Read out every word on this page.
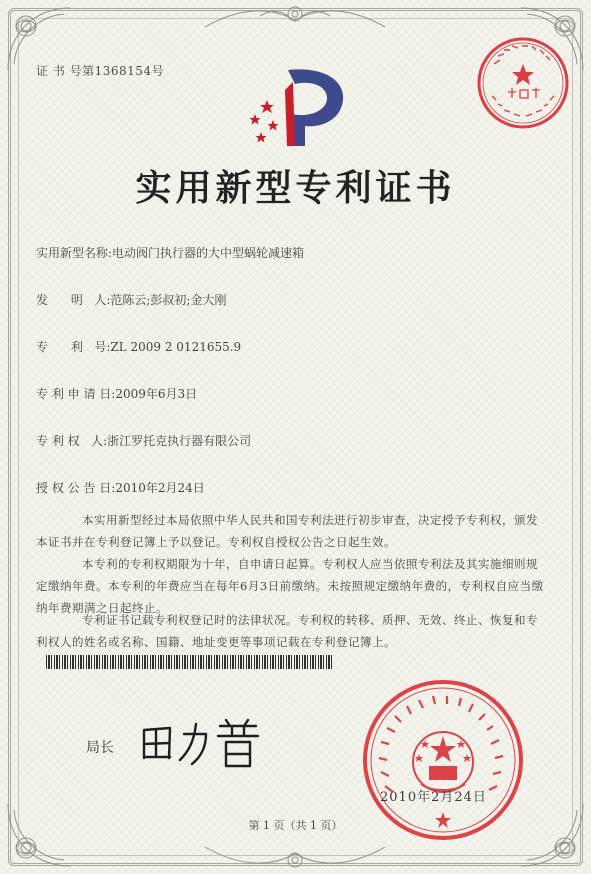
证 书 号第1368154号
实用新型专利证书
实用新型名称:电动阀门执行器的大中型蜗轮减速箱
发      明   人:范陈云;彭叔初;金大刚
专      利   号:ZL 2009 2 0121655.9
专 利 申 请 日:2009年6月3日
专 利 权   人:浙江罗托克执行器有限公司
授 权 公 告 日:2010年2月24日
本实用新型经过本局依照中华人民共和国专利法进行初步审查，决定授予专利权，颁发本证书并在专利登记簿上予以登记。专利权自授权公告之日起生效。
本专利的专利权期限为十年，自申请日起算。专利权人应当依照专利法及其实施细则规定缴纳年费。本专利的年费应当在每年6月3日前缴纳。未按照规定缴纳年费的，专利权自应当缴纳年费期满之日起终止。
专利证书记载专利权登记时的法律状况。专利权的转移、质押、无效、终止、恢复和专利权人的姓名或名称、国籍、地址变更等事项记载在专利登记簿上。
局长
2010年2月24日
第 1 页（共 1 页）
